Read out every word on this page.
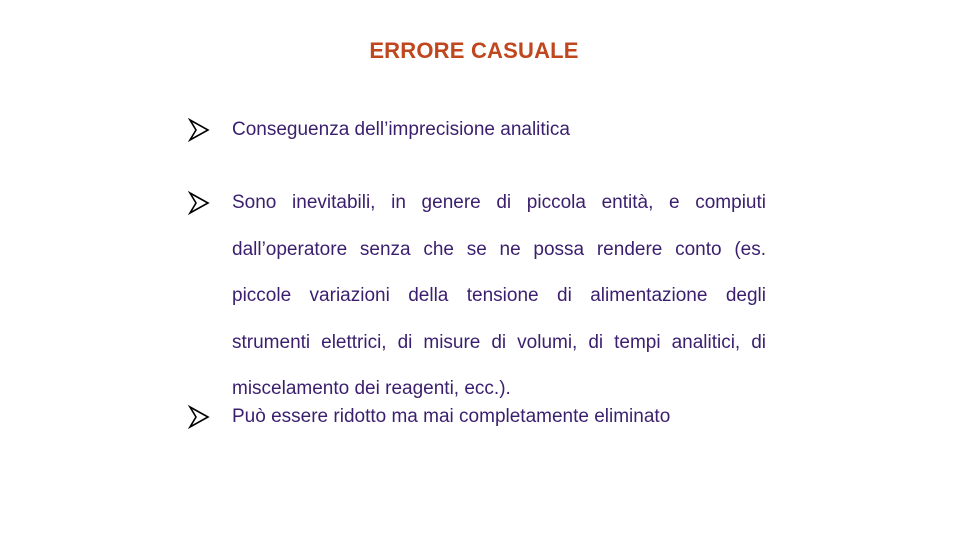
ERRORE CASUALE
Conseguenza dell’imprecisione analitica
Sono inevitabili, in genere di piccola entità, e compiuti dall’operatore senza che se ne possa rendere conto (es. piccole variazioni della tensione di alimentazione degli strumenti elettrici, di misure di volumi, di tempi analitici, di miscelamento dei reagenti, ecc.).
Può essere ridotto ma mai completamente eliminato
